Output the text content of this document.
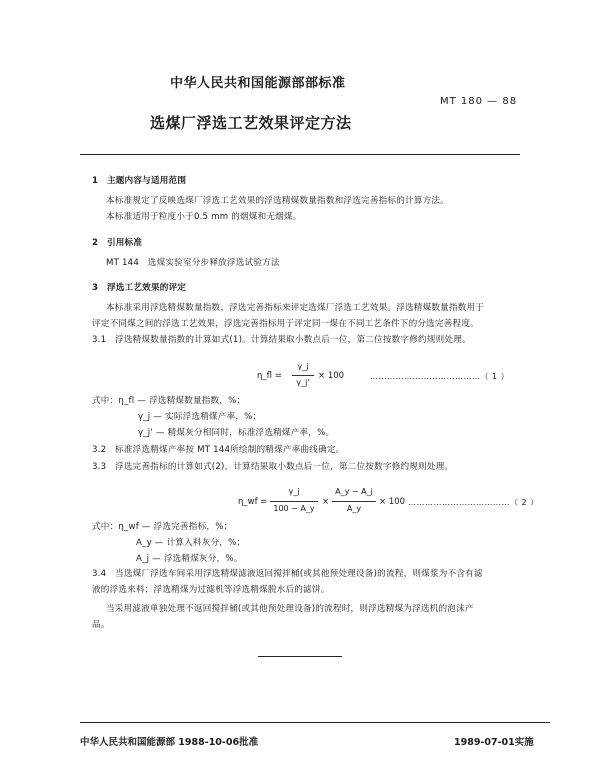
中华人民共和国能源部部标准
MT 180 — 88
选煤厂浮选工艺效果评定方法
1　主题内容与适用范围
本标准规定了反映选煤厂浮选工艺效果的浮选精煤数量指数和浮选完善指标的计算方法。
本标准适用于粒度小于0.5 mm 的烟煤和无烟煤。
2　引用标准
MT 144　选煤实验室分步释放浮选试验方法
3　浮选工艺效果的评定
本标准采用浮选精煤数量指数、浮选完善指标来评定选煤厂浮选工艺效果。浮选精煤数量指数用于
评定不同煤之间的浮选工艺效果，浮选完善指标用于评定同一煤在不同工艺条件下的分选完善程度。
3.1　浮选精煤数量指数的计算如式(1)。计算结果取小数点后一位，第二位按数字修约规则处理。
η_fl =
γ_j
γ_j'
× 100	…………………………………（ 1 ）
式中：η_fl — 浮选精煤数量指数，%；
γ_j — 实际浮选精煤产率，%；
γ_j' — 精煤灰分相同时，标准浮选精煤产率，%。
3.2　标准浮选精煤产率按 MT 144所绘制的精煤产率曲线确定。
3.3　浮选完善指标的计算如式(2)，计算结果取小数点后一位，第二位按数字修约规则处理。
η_wf =
γ_j
100 − A_y
×
A_y − A_j
A_y
× 100 ………………………………（ 2 ）
式中：η_wf — 浮选完善指标，%；
A_y — 计算入料灰分，%；
A_j — 浮选精煤灰分，%。
3.4　当选煤厂浮选车间采用浮选精煤滤液返回搅拌桶(或其他预处理设备)的流程，则煤浆为不含有滤
液的浮选来料；浮选精煤为过滤机等浮选精煤脱水后的滤饼。
当采用滤液单独处理不返回搅拌桶(或其他预处理设备)的流程时，则浮选精煤为浮选机的泡沫产
品。
中华人民共和国能源部 1988-10-06批准	1989-07-01实施
